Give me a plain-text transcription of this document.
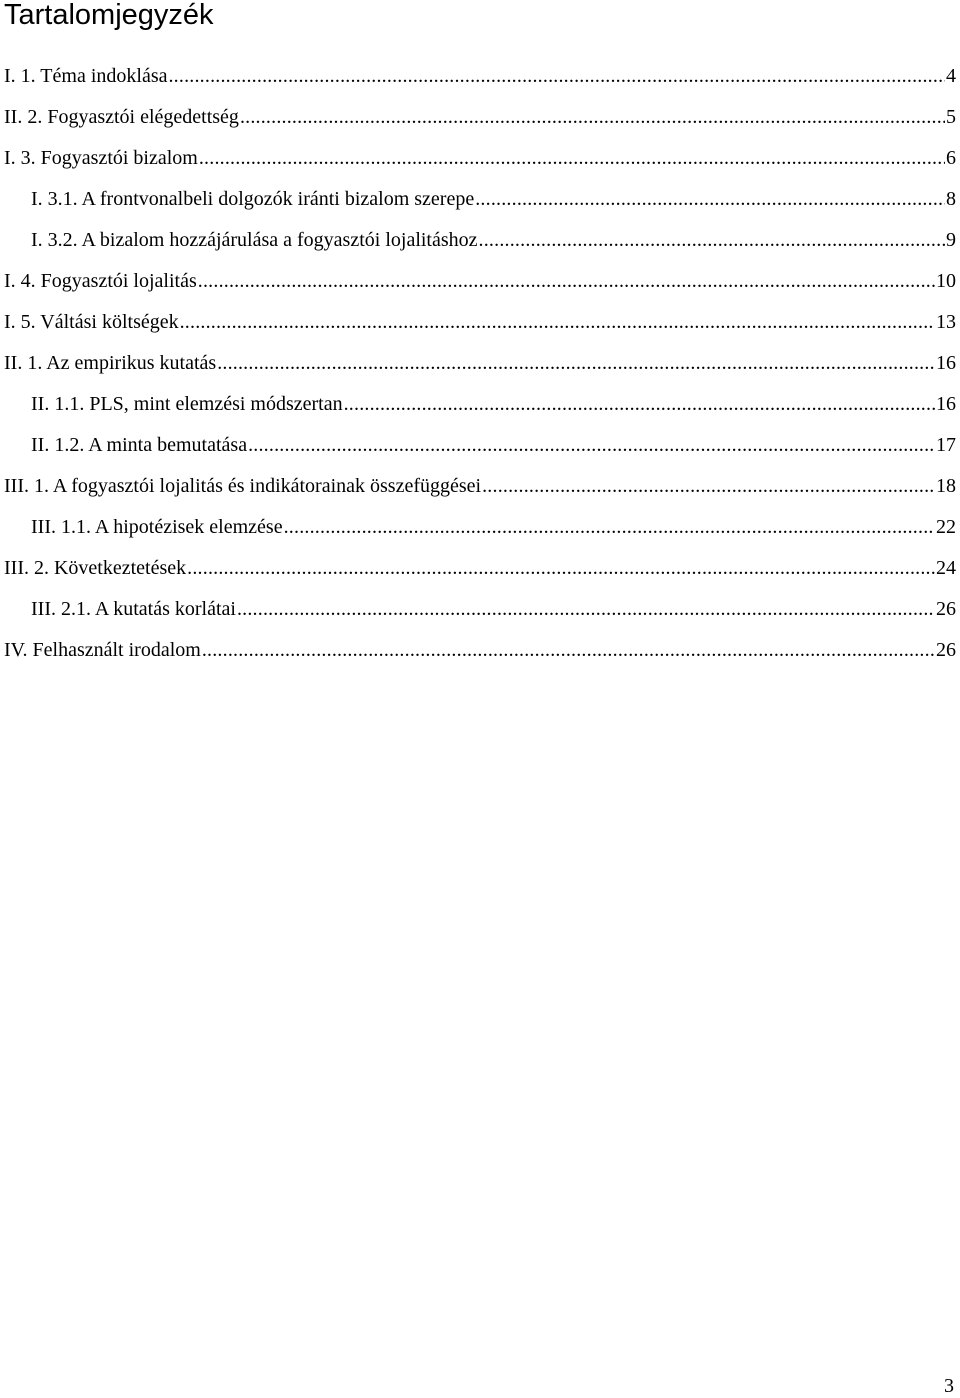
Tartalomjegyzék
I. 1. Téma indoklása .....	4
II. 2. Fogyasztói elégedettség .....	5
I. 3. Fogyasztói bizalom .....	6
I. 3.1. A frontvonalbeli dolgozók iránti bizalom szerepe .....	8
I. 3.2. A bizalom hozzájárulása a fogyasztói lojalitáshoz .....	9
I. 4. Fogyasztói lojalitás .....	10
I. 5. Váltási költségek .....	13
II. 1. Az empirikus kutatás .....	16
II. 1.1. PLS, mint elemzési módszertan .....	16
II. 1.2. A minta bemutatása .....	17
III. 1. A fogyasztói lojalitás és indikátorainak összefüggései .....	18
III. 1.1. A hipotézisek elemzése .....	22
III. 2. Következtetések .....	24
III. 2.1. A kutatás korlátai .....	26
IV. Felhasznált irodalom .....	26
3
